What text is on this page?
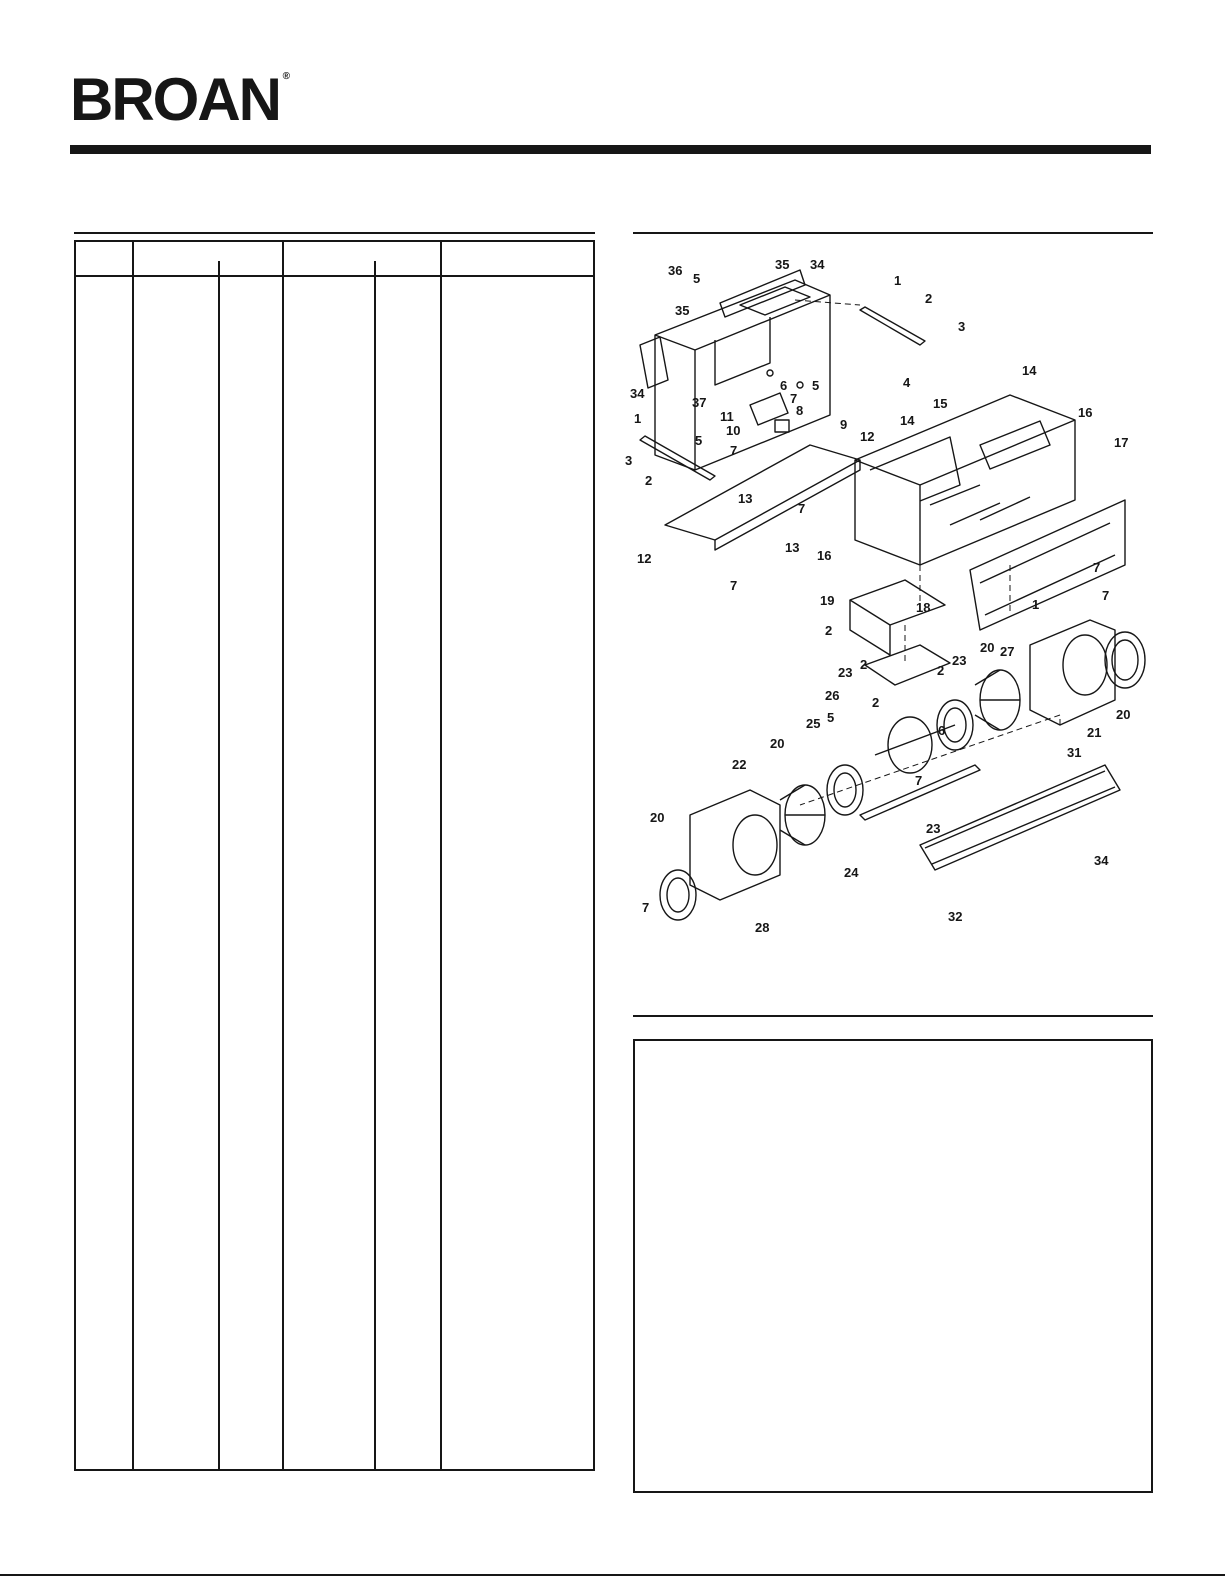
BROAN ®
36	35 34
5
35
1
2
3
34
37
6 5	4
7
8
11
1
10	9
5
7
12
3
2
13
7
13
12
7
14
14
15
16
17
16
7
19	18
7
1
2
2	2
23
20 27
23
26	2
25 5
6	21
20
20
22
7
31
20
23
24
34
32
7
28
